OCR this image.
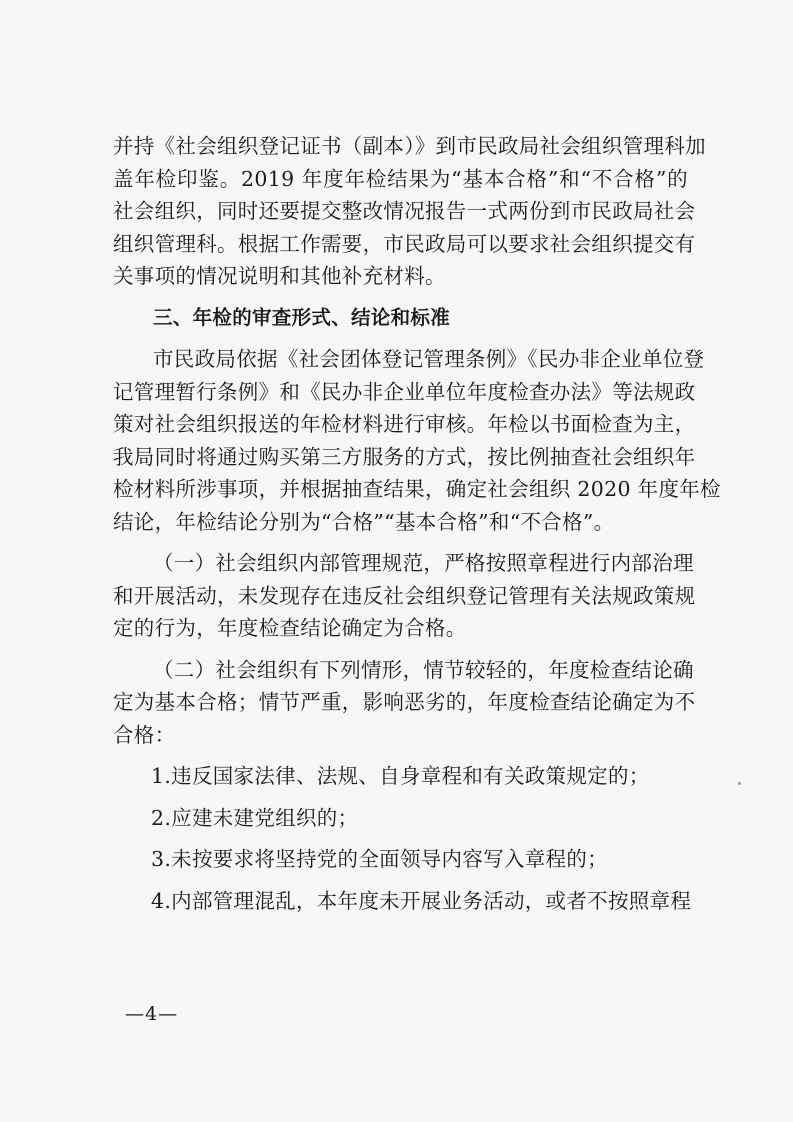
并持《社会组织登记证书（副本）》到市民政局社会组织管理科加
盖年检印鉴。2019 年度年检结果为“基本合格”和“不合格”的
社会组织，同时还要提交整改情况报告一式两份到市民政局社会
组织管理科。根据工作需要，市民政局可以要求社会组织提交有
关事项的情况说明和其他补充材料。
三、年检的审查形式、结论和标准
市民政局依据《社会团体登记管理条例》《民办非企业单位登
记管理暂行条例》和《民办非企业单位年度检查办法》等法规政
策对社会组织报送的年检材料进行审核。年检以书面检查为主，
我局同时将通过购买第三方服务的方式，按比例抽查社会组织年
检材料所涉事项，并根据抽查结果，确定社会组织 2020 年度年检
结论，年检结论分别为“合格”“基本合格”和“不合格”。
（一）社会组织内部管理规范，严格按照章程进行内部治理
和开展活动，未发现存在违反社会组织登记管理有关法规政策规
定的行为，年度检查结论确定为合格。
（二）社会组织有下列情形，情节较轻的，年度检查结论确
定为基本合格；情节严重，影响恶劣的，年度检查结论确定为不
合格：
1.违反国家法律、法规、自身章程和有关政策规定的；
2.应建未建党组织的；
3.未按要求将坚持党的全面领导内容写入章程的；
4.内部管理混乱，本年度未开展业务活动，或者不按照章程
—4—
